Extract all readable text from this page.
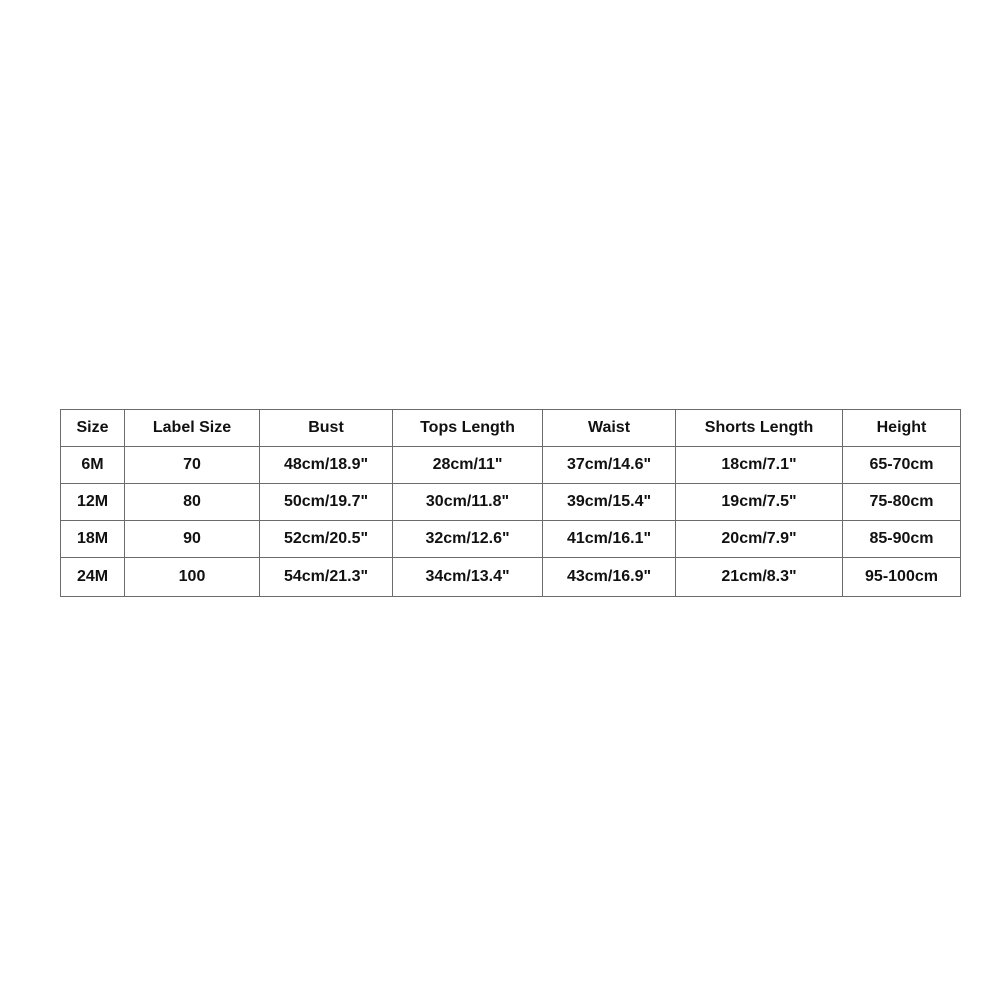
Size	Label Size	Bust	Tops Length	Waist	Shorts Length	Height
6M	70	48cm/18.9"	28cm/11"	37cm/14.6"	18cm/7.1"	65-70cm
12M	80	50cm/19.7"	30cm/11.8"	39cm/15.4"	19cm/7.5"	75-80cm
18M	90	52cm/20.5"	32cm/12.6"	41cm/16.1"	20cm/7.9"	85-90cm
24M	100	54cm/21.3"	34cm/13.4"	43cm/16.9"	21cm/8.3"	95-100cm
